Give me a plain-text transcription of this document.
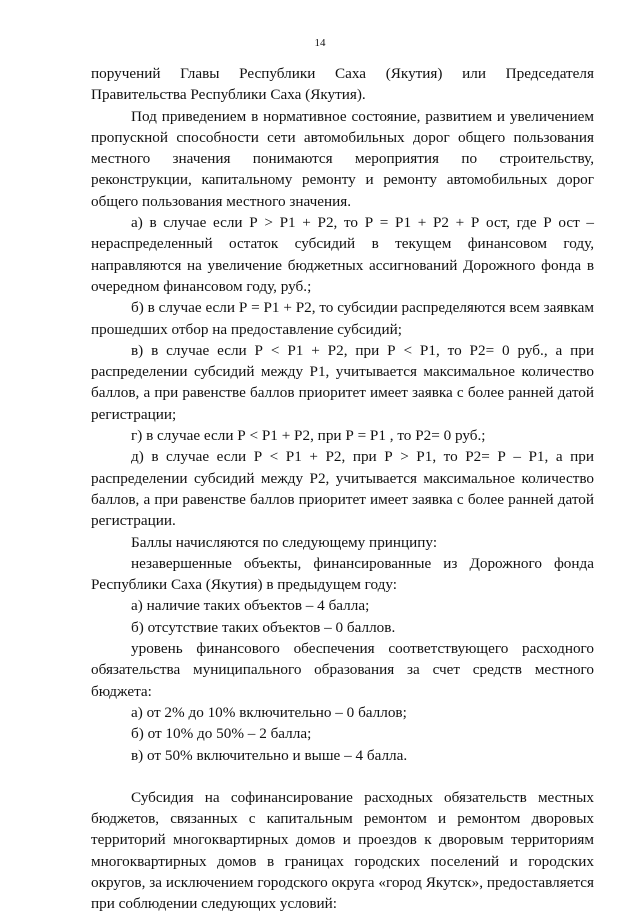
14

поручений Главы Республики Саха (Якутия) или Председателя Правительства Республики Саха (Якутия).

Под приведением в нормативное состояние, развитием и увеличением пропускной способности сети автомобильных дорог общего пользования местного значения понимаются мероприятия по строительству, реконструкции, капитальному ремонту и ремонту автомобильных дорог общего пользования местного значения.

а) в случае если Р > Р1 + Р2, то Р = Р1 + Р2 + Р ост, где Р ост – нераспределенный остаток субсидий в текущем финансовом году, направляются на увеличение бюджетных ассигнований Дорожного фонда в очередном финансовом году, руб.;

б) в случае если Р = Р1 + Р2, то субсидии распределяются всем заявкам прошедших отбор на предоставление субсидий;

в) в случае если Р < Р1 + Р2, при Р < Р1, то Р2= 0 руб., а при распределении субсидий между Р1, учитывается максимальное количество баллов, а при равенстве баллов приоритет имеет заявка с более ранней датой регистрации;

г) в случае если Р < Р1 + Р2, при Р = Р1 , то Р2= 0 руб.;

д) в случае если Р < Р1 + Р2, при Р > Р1, то Р2= Р – Р1, а при распределении субсидий между Р2, учитывается максимальное количество баллов, а при равенстве баллов приоритет имеет заявка с более ранней датой регистрации.

Баллы начисляются по следующему принципу:

незавершенные объекты, финансированные из Дорожного фонда Республики Саха (Якутия) в предыдущем году:

а) наличие таких объектов – 4 балла;

б) отсутствие таких объектов – 0 баллов.

уровень финансового обеспечения соответствующего расходного обязательства муниципального образования за счет средств местного бюджета:

а) от 2% до 10% включительно – 0 баллов;

б) от 10% до 50% – 2 балла;

в) от 50% включительно и выше – 4 балла.

Субсидия на софинансирование расходных обязательств местных бюджетов, связанных с капитальным ремонтом и ремонтом дворовых территорий многоквартирных домов и проездов к дворовым территориям многоквартирных домов в границах городских поселений и городских округов, за исключением городского округа «город Якутск», предоставляется при соблюдении следующих условий:
